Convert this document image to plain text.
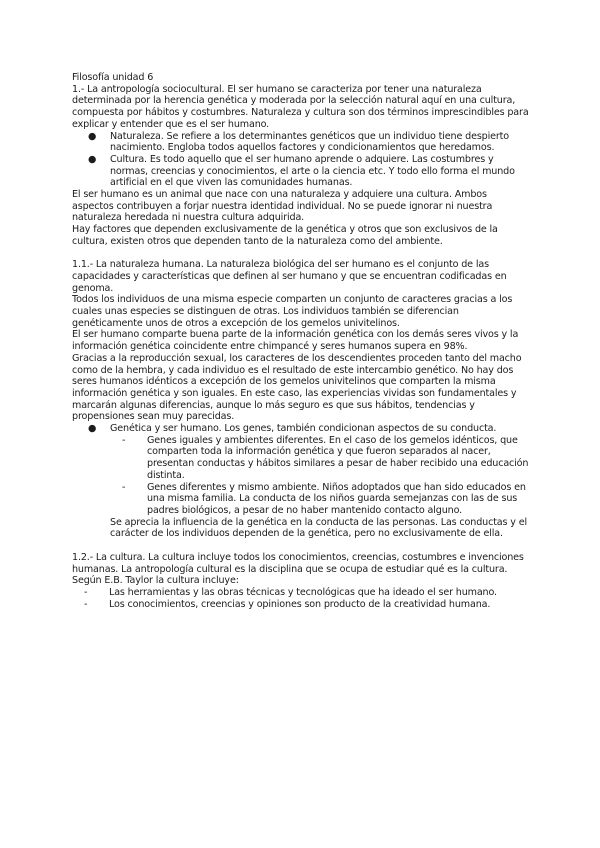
Filosofía unidad 6

1.- La antropología sociocultural. El ser humano se caracteriza por tener una naturaleza determinada por la herencia genética y moderada por la selección natural aquí en una cultura, compuesta por hábitos y costumbres. Naturaleza y cultura son dos términos imprescindibles para explicar y entender que es el ser humano.

● Naturaleza. Se refiere a los determinantes genéticos que un individuo tiene despierto nacimiento. Engloba todos aquellos factores y condicionamientos que heredamos.
● Cultura. Es todo aquello que el ser humano aprende o adquiere. Las costumbres y normas, creencias y conocimientos, el arte o la ciencia etc. Y todo ello forma el mundo artificial en el que viven las comunidades humanas.

El ser humano es un animal que nace con una naturaleza y adquiere una cultura. Ambos aspectos contribuyen a forjar nuestra identidad individual. No se puede ignorar ni nuestra naturaleza heredada ni nuestra cultura adquirida.

Hay factores que dependen exclusivamente de la genética y otros que son exclusivos de la cultura, existen otros que dependen tanto de la naturaleza como del ambiente.

1.1.- La naturaleza humana. La naturaleza biológica del ser humano es el conjunto de las capacidades y características que definen al ser humano y que se encuentran codificadas en genoma.

Todos los individuos de una misma especie comparten un conjunto de caracteres gracias a los cuales unas especies se distinguen de otras. Los individuos también se diferencian genéticamente unos de otros a excepción de los gemelos univitelinos.

El ser humano comparte buena parte de la información genética con los demás seres vivos y la información genética coincidente entre chimpancé y seres humanos supera en 98%.

Gracias a la reproducción sexual, los caracteres de los descendientes proceden tanto del macho como de la hembra, y cada individuo es el resultado de este intercambio genético. No hay dos seres humanos idénticos a excepción de los gemelos univitelinos que comparten la misma información genética y son iguales. En este caso, las experiencias vividas son fundamentales y marcarán algunas diferencias, aunque lo más seguro es que sus hábitos, tendencias y propensiones sean muy parecidas.

● Genética y ser humano. Los genes, también condicionan aspectos de su conducta.
- Genes iguales y ambientes diferentes. En el caso de los gemelos idénticos, que comparten toda la información genética y que fueron separados al nacer, presentan conductas y hábitos similares a pesar de haber recibido una educación distinta.
- Genes diferentes y mismo ambiente. Niños adoptados que han sido educados en una misma familia. La conducta de los niños guarda semejanzas con las de sus padres biológicos, a pesar de no haber mantenido contacto alguno.

Se aprecia la influencia de la genética en la conducta de las personas. Las conductas y el carácter de los individuos dependen de la genética, pero no exclusivamente de ella.

1.2.- La cultura. La cultura incluye todos los conocimientos, creencias, costumbres e invenciones humanas. La antropología cultural es la disciplina que se ocupa de estudiar qué es la cultura. Según E.B. Taylor la cultura incluye:

- Las herramientas y las obras técnicas y tecnológicas que ha ideado el ser humano.
- Los conocimientos, creencias y opiniones son producto de la creatividad humana.
